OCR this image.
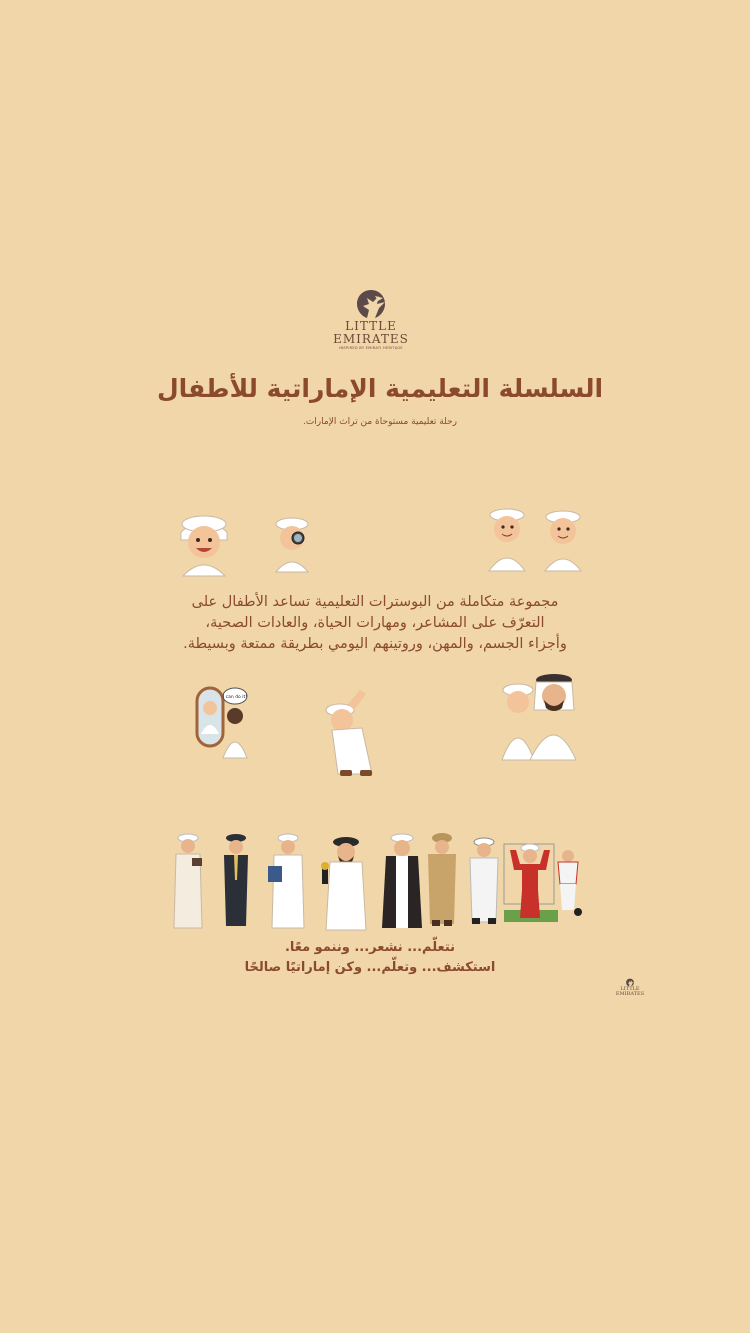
LITTLE
EMIRATES
INSPIRED BY EMIRATI HERITAGE
السلسلة التعليمية الإماراتية للأطفال
رحلة تعليمية مستوحاة من تراث الإمارات.
مجموعة متكاملة من البوسترات التعليمية تساعد الأطفال على
التعرّف على المشاعر، ومهارات الحياة، والعادات الصحية،
وأجزاء الجسم، والمهن، وروتينهم اليومي بطريقة ممتعة وبسيطة.
I can do it!
نتعلّم... نشعر... وننمو معًا.
استكشف... وتعلّم... وكن إماراتيًا صالحًا
LITTLE
EMIRATES
